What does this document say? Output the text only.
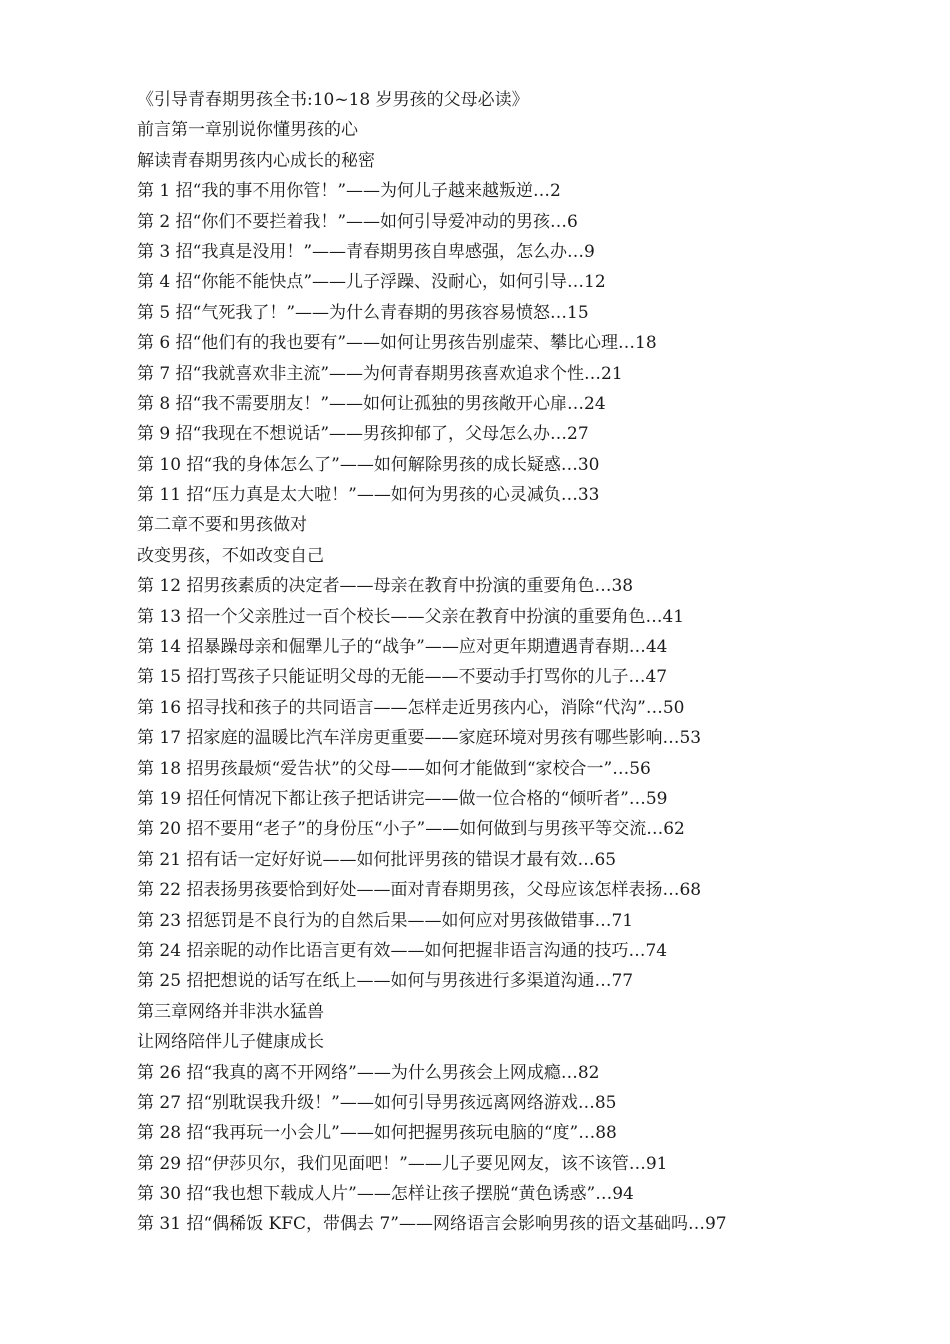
《引导青春期男孩全书:10~18 岁男孩的父母必读》
前言第一章别说你懂男孩的心
解读青春期男孩内心成长的秘密
第 1 招“我的事不用你管！”——为何儿子越来越叛逆…2
第 2 招“你们不要拦着我！”——如何引导爱冲动的男孩…6
第 3 招“我真是没用！”——青春期男孩自卑感强，怎么办…9
第 4 招“你能不能快点”——儿子浮躁、没耐心，如何引导…12
第 5 招“气死我了！”——为什么青春期的男孩容易愤怒…15
第 6 招“他们有的我也要有”——如何让男孩告别虚荣、攀比心理…18
第 7 招“我就喜欢非主流”——为何青春期男孩喜欢追求个性…21
第 8 招“我不需要朋友！”——如何让孤独的男孩敞开心扉…24
第 9 招“我现在不想说话”——男孩抑郁了，父母怎么办…27
第 10 招“我的身体怎么了”——如何解除男孩的成长疑惑…30
第 11 招“压力真是太大啦！”——如何为男孩的心灵减负…33
第二章不要和男孩做对
改变男孩，不如改变自己
第 12 招男孩素质的决定者——母亲在教育中扮演的重要角色…38
第 13 招一个父亲胜过一百个校长——父亲在教育中扮演的重要角色…41
第 14 招暴躁母亲和倔犟儿子的“战争”——应对更年期遭遇青春期…44
第 15 招打骂孩子只能证明父母的无能——不要动手打骂你的儿子…47
第 16 招寻找和孩子的共同语言——怎样走近男孩内心，消除“代沟”…50
第 17 招家庭的温暖比汽车洋房更重要——家庭环境对男孩有哪些影响…53
第 18 招男孩最烦“爱告状”的父母——如何才能做到“家校合一”…56
第 19 招任何情况下都让孩子把话讲完——做一位合格的“倾听者”…59
第 20 招不要用“老子”的身份压“小子”——如何做到与男孩平等交流…62
第 21 招有话一定好好说——如何批评男孩的错误才最有效…65
第 22 招表扬男孩要恰到好处——面对青春期男孩，父母应该怎样表扬…68
第 23 招惩罚是不良行为的自然后果——如何应对男孩做错事…71
第 24 招亲昵的动作比语言更有效——如何把握非语言沟通的技巧…74
第 25 招把想说的话写在纸上——如何与男孩进行多渠道沟通…77
第三章网络并非洪水猛兽
让网络陪伴儿子健康成长
第 26 招“我真的离不开网络”——为什么男孩会上网成瘾…82
第 27 招“别耽误我升级！”——如何引导男孩远离网络游戏…85
第 28 招“我再玩一小会儿”——如何把握男孩玩电脑的“度”…88
第 29 招“伊莎贝尔，我们见面吧！”——儿子要见网友，该不该管…91
第 30 招“我也想下载成人片”——怎样让孩子摆脱“黄色诱惑”…94
第 31 招“偶稀饭 KFC，带偶去 7”——网络语言会影响男孩的语文基础吗…97
